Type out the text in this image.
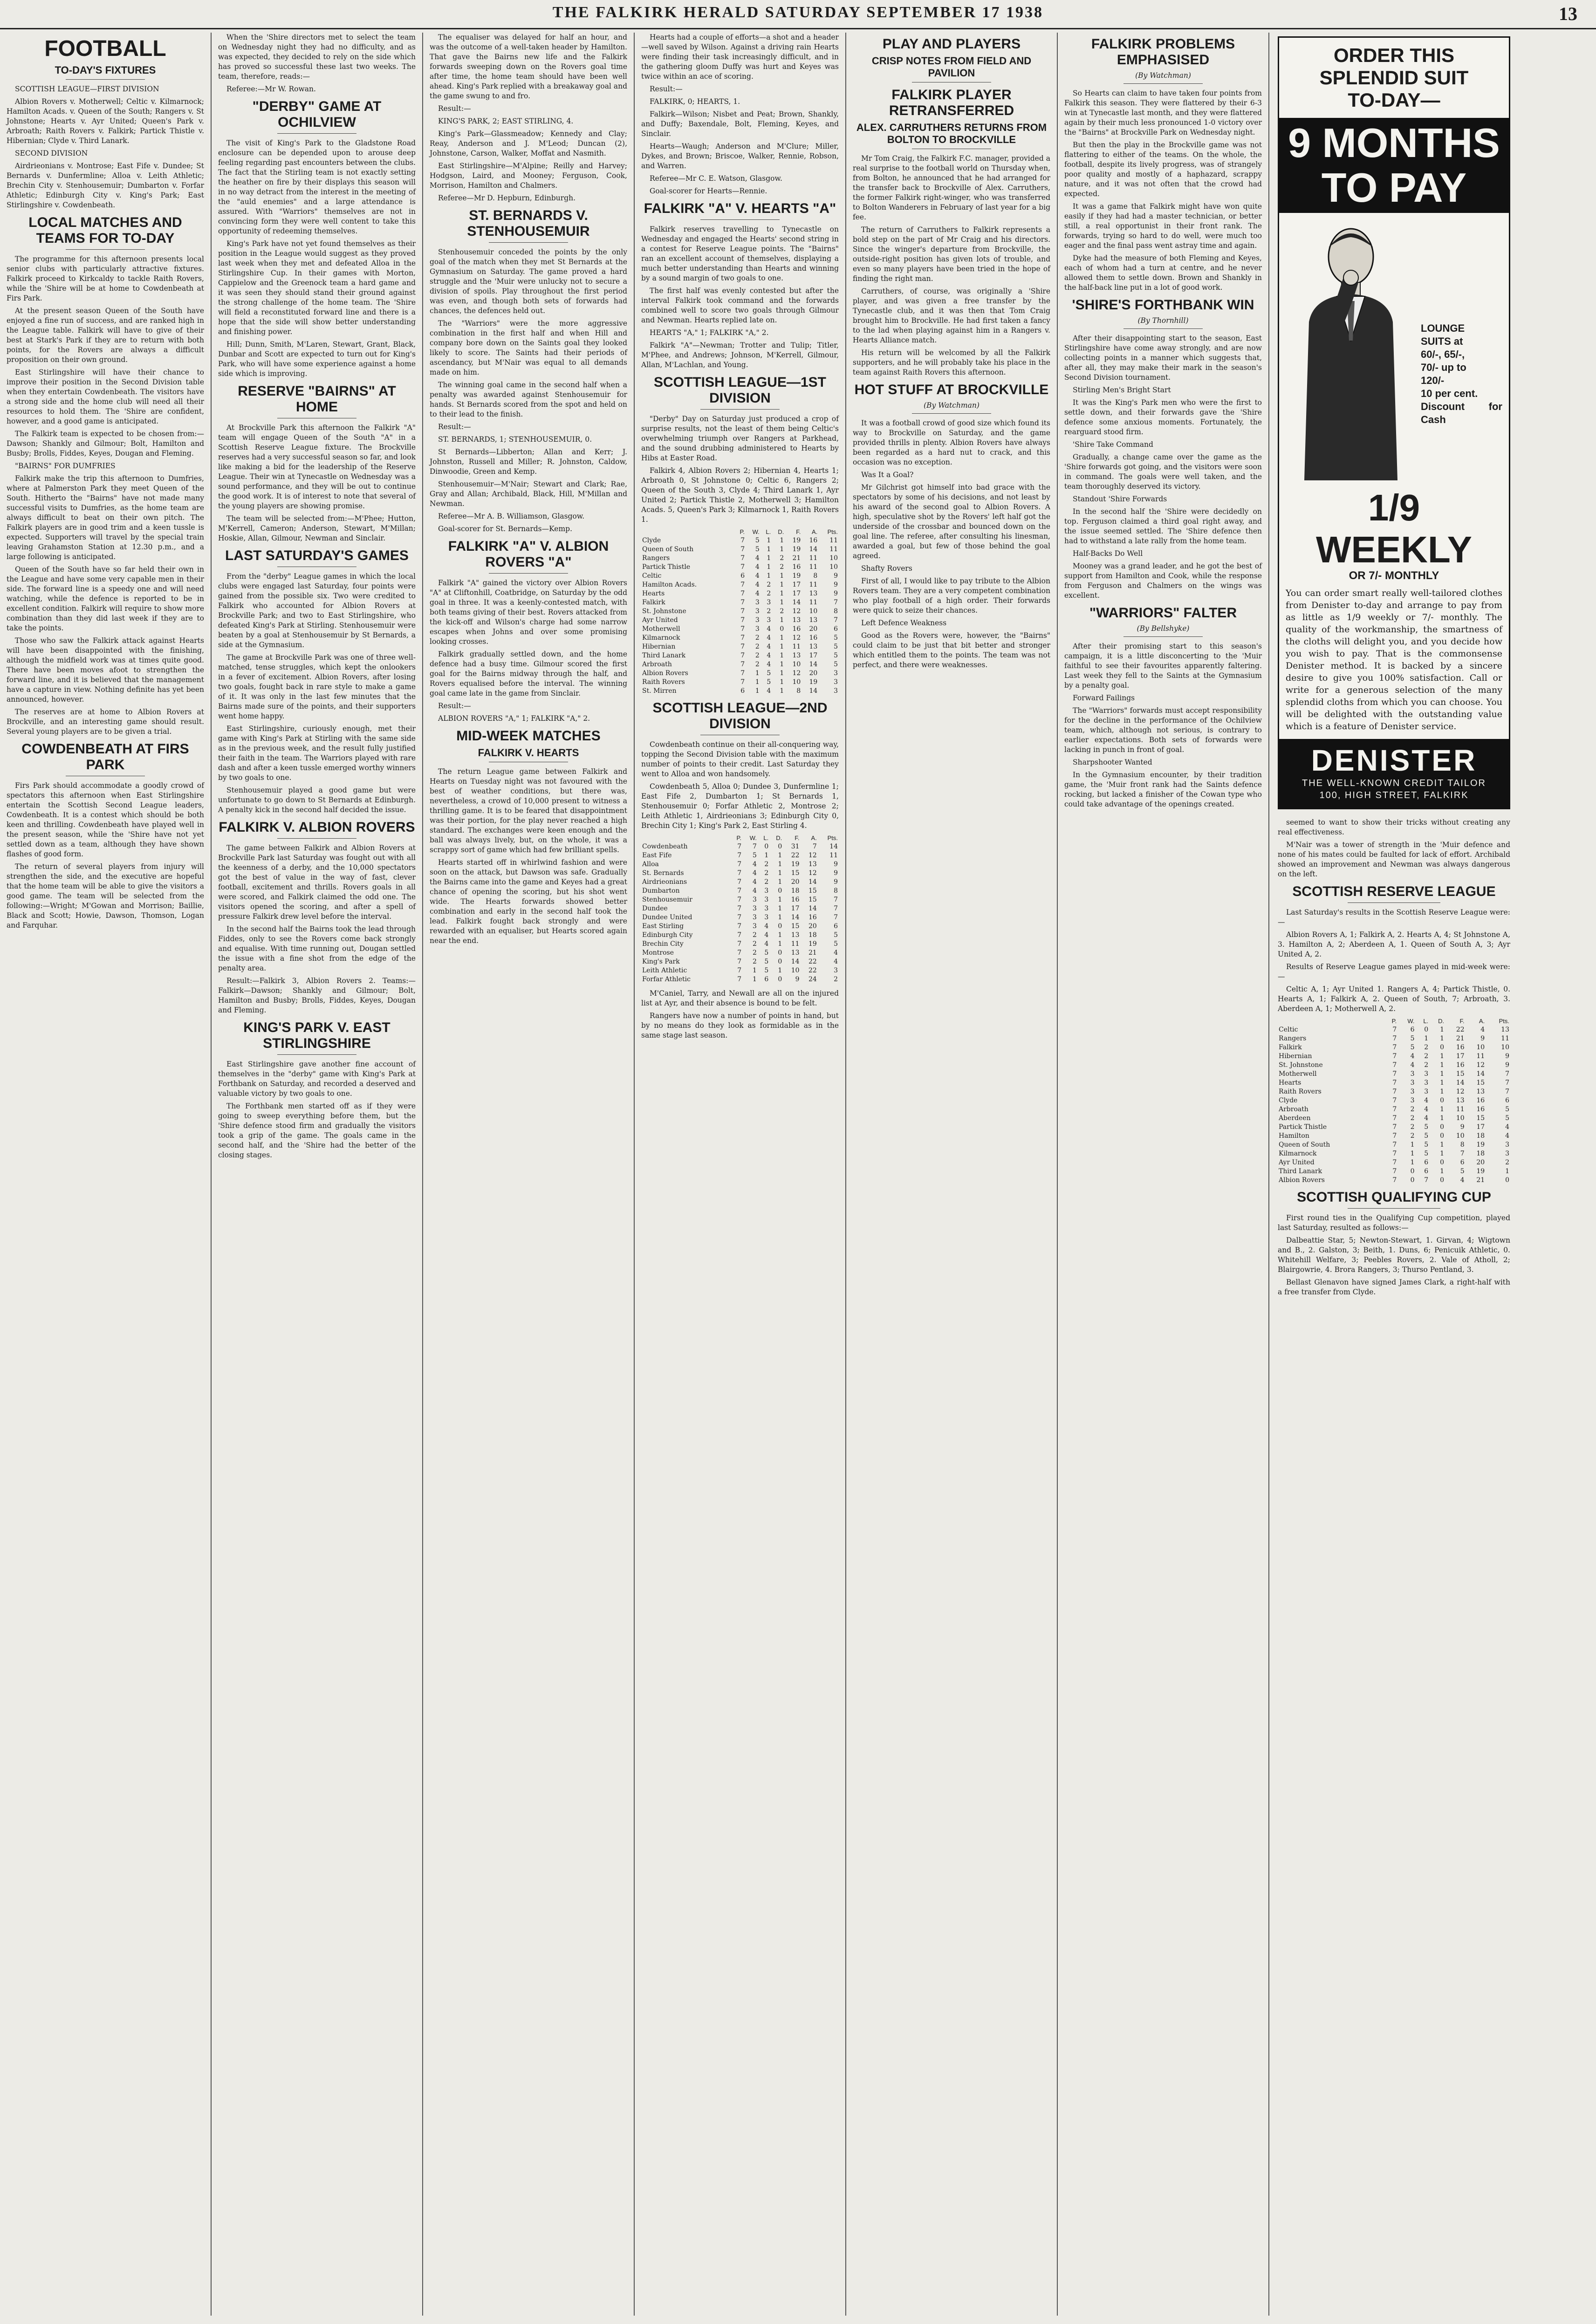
THE FALKIRK HERALD SATURDAY SEPTEMBER 17 1938	13
FOOTBALL
TO-DAY'S FIXTURES

SCOTTISH LEAGUE—FIRST DIVISION

Albion Rovers v. Motherwell; Celtic v. Kilmarnock; Hamilton Acads. v. Queen of the South; Rangers v. St Johnstone; Hearts v. Ayr United; Queen's Park v. Arbroath; Raith Rovers v. Falkirk; Partick Thistle v. Hibernian; Clyde v. Third Lanark.

SECOND DIVISION

Airdrieonians v. Montrose; East Fife v. Dundee; St Bernards v. Dunfermline; Alloa v. Leith Athletic; Brechin City v. Stenhousemuir; Dumbarton v. Forfar Athletic; Edinburgh City v. King's Park; East Stirlingshire v. Cowdenbeath.

LOCAL MATCHES AND TEAMS FOR TO-DAY

The programme for this afternoon presents local senior clubs with particularly attractive fixtures. Falkirk proceed to Kirkcaldy to tackle Raith Rovers, while the 'Shire will be at home to Cowdenbeath at Firs Park.

At the present season Queen of the South have enjoyed a fine run of success, and are ranked high in the League table. Falkirk will have to give of their best at Stark's Park if they are to return with both points, for the Rovers are always a difficult proposition on their own ground.

East Stirlingshire will have their chance to improve their position in the Second Division table when they entertain Cowdenbeath. The visitors have a strong side and the home club will need all their resources to hold them. The 'Shire are confident, however, and a good game is anticipated.

The Falkirk team is expected to be chosen from:—Dawson; Shankly and Gilmour; Bolt, Hamilton and Busby; Brolls, Fiddes, Keyes, Dougan and Fleming.

"BAIRNS" FOR DUMFRIES

Falkirk make the trip this afternoon to Dumfries, where at Palmerston Park they meet Queen of the South. Hitherto the "Bairns" have not made many successful visits to Dumfries, as the home team are always difficult to beat on their own pitch. The Falkirk players are in good trim and a keen tussle is expected. Supporters will travel by the special train leaving Grahamston Station at 12.30 p.m., and a large following is anticipated.

Queen of the South have so far held their own in the League and have some very capable men in their side. The forward line is a speedy one and will need watching, while the defence is reported to be in excellent condition. Falkirk will require to show more combination than they did last week if they are to take the points.

Those who saw the Falkirk attack against Hearts will have been disappointed with the finishing, although the midfield work was at times quite good. There have been moves afoot to strengthen the forward line, and it is believed that the management have a capture in view. Nothing definite has yet been announced, however.

The reserves are at home to Albion Rovers at Brockville, and an interesting game should result. Several young players are to be given a trial.

COWDENBEATH AT FIRS PARK

Firs Park should accommodate a goodly crowd of spectators this afternoon when East Stirlingshire entertain the Scottish Second League leaders, Cowdenbeath. It is a contest which should be both keen and thrilling. Cowdenbeath have played well in the present season, while the 'Shire have not yet settled down as a team, although they have shown flashes of good form.

The return of several players from injury will strengthen the side, and the executive are hopeful that the home team will be able to give the visitors a good game. The team will be selected from the following:—Wright; M'Gowan and Morrison; Baillie, Black and Scott; Howie, Dawson, Thomson, Logan and Farquhar.

When the 'Shire directors met to select the team on Wednesday night they had no difficulty, and as was expected, they decided to rely on the side which has proved so successful these last two weeks. The team, therefore, reads:—

Referee:—Mr W. Rowan.

"DERBY" GAME AT OCHILVIEW

The visit of King's Park to the Gladstone Road enclosure can be depended upon to arouse deep feeling regarding past encounters between the clubs. The fact that the Stirling team is not exactly setting the heather on fire by their displays this season will in no way detract from the interest in the meeting of the "auld enemies" and a large attendance is assured. With "Warriors" themselves are not in convincing form they were well content to take this opportunity of redeeming themselves.

King's Park have not yet found themselves as their position in the League would suggest as they proved last week when they met and defeated Alloa in the Stirlingshire Cup. In their games with Morton, Cappielow and the Greenock team a hard game and it was seen they should stand their ground against the strong challenge of the home team. The 'Shire will field a reconstituted forward line and there is a hope that the side will show better understanding and finishing power.

Hill; Dunn, Smith, M'Laren, Stewart, Grant, Black, Dunbar and Scott are expected to turn out for King's Park, who will have some experience against a home side which is improving.

RESERVE "BAIRNS" AT HOME

At Brockville Park this afternoon the Falkirk "A" team will engage Queen of the South "A" in a Scottish Reserve League fixture. The Brockville reserves had a very successful season so far, and look like making a bid for the leadership of the Reserve League. Their win at Tynecastle on Wednesday was a sound performance, and they will be out to continue the good work. It is of interest to note that several of the young players are showing promise.

The team will be selected from:—M'Phee; Hutton, M'Kerrell, Cameron; Anderson, Stewart, M'Millan; Hoskie, Allan, Gilmour, Newman and Sinclair.

LAST SATURDAY'S GAMES

From the "derby" League games in which the local clubs were engaged last Saturday, four points were gained from the possible six. Two were credited to Falkirk who accounted for Albion Rovers at Brockville Park; and two to East Stirlingshire, who defeated King's Park at Stirling. Stenhousemuir were beaten by a goal at Stenhousemuir by St Bernards, a side at the Gymnasium.

The game at Brockville Park was one of three well-matched, tense struggles, which kept the onlookers in a fever of excitement. Albion Rovers, after losing two goals, fought back in rare style to make a game of it. It was only in the last few minutes that the Bairns made sure of the points, and their supporters went home happy.

East Stirlingshire, curiously enough, met their game with King's Park at Stirling with the same side as in the previous week, and the result fully justified their faith in the team. The Warriors played with rare dash and after a keen tussle emerged worthy winners by two goals to one.

Stenhousemuir played a good game but were unfortunate to go down to St Bernards at Edinburgh. A penalty kick in the second half decided the issue.

FALKIRK V. ALBION ROVERS

The game between Falkirk and Albion Rovers at Brockville Park last Saturday was fought out with all the keenness of a derby, and the 10,000 spectators got the best of value in the way of fast, clever football, excitement and thrills. Rovers goals in all were scored, and Falkirk claimed the odd one. The visitors opened the scoring, and after a spell of pressure Falkirk drew level before the interval.

In the second half the Bairns took the lead through Fiddes, only to see the Rovers come back strongly and equalise. With time running out, Dougan settled the issue with a fine shot from the edge of the penalty area.

Result:—Falkirk 3, Albion Rovers 2. Teams:—Falkirk—Dawson; Shankly and Gilmour; Bolt, Hamilton and Busby; Brolls, Fiddes, Keyes, Dougan and Fleming.

KING'S PARK V. EAST STIRLINGSHIRE

East Stirlingshire gave another fine account of themselves in the "derby" game with King's Park at Forthbank on Saturday, and recorded a deserved and valuable victory by two goals to one.

The Forthbank men started off as if they were going to sweep everything before them, but the 'Shire defence stood firm and gradually the visitors took a grip of the game. The goals came in the second half, and the 'Shire had the better of the closing stages.

The equaliser was delayed for half an hour, and was the outcome of a well-taken header by Hamilton. That gave the Bairns new life and the Falkirk forwards sweeping down on the Rovers goal time after time, the home team should have been well ahead. King's Park replied with a breakaway goal and the game swung to and fro.

Result:—

KING'S PARK, 2; EAST STIRLING, 4.

King's Park—Glassmeadow; Kennedy and Clay; Reay, Anderson and J. M'Leod; Duncan (2), Johnstone, Carson, Walker, Moffat and Nasmith.

East Stirlingshire—M'Alpine; Reilly and Harvey; Hodgson, Laird, and Mooney; Ferguson, Cook, Morrison, Hamilton and Chalmers.

Referee—Mr D. Hepburn, Edinburgh.

ST. BERNARDS V. STENHOUSEMUIR

Stenhousemuir conceded the points by the only goal of the match when they met St Bernards at the Gymnasium on Saturday. The game proved a hard struggle and the 'Muir were unlucky not to secure a division of spoils. Play throughout the first period was even, and though both sets of forwards had chances, the defences held out.

The "Warriors" were the more aggressive combination in the first half and when Hill and company bore down on the Saints goal they looked likely to score. The Saints had their periods of ascendancy, but M'Nair was equal to all demands made on him.

The winning goal came in the second half when a penalty was awarded against Stenhousemuir for hands. St Bernards scored from the spot and held on to their lead to the finish.

Result:—

ST. BERNARDS, 1; STENHOUSEMUIR, 0.

St Bernards—Libberton; Allan and Kerr; J. Johnston, Russell and Miller; R. Johnston, Caldow, Dinwoodie, Green and Kemp.

Stenhousemuir—M'Nair; Stewart and Clark; Rae, Gray and Allan; Archibald, Black, Hill, M'Millan and Newman.

Referee—Mr A. B. Williamson, Glasgow.

Goal-scorer for St. Bernards—Kemp.

FALKIRK "A" V. ALBION ROVERS "A"

Falkirk "A" gained the victory over Albion Rovers "A" at Cliftonhill, Coatbridge, on Saturday by the odd goal in three. It was a keenly-contested match, with both teams giving of their best. Rovers attacked from the kick-off and Wilson's charge had some narrow escapes when Johns and over some promising looking crosses.

Falkirk gradually settled down, and the home defence had a busy time. Gilmour scored the first goal for the Bairns midway through the half, and Rovers equalised before the interval. The winning goal came late in the game from Sinclair.

Result:—

ALBION ROVERS "A," 1; FALKIRK "A," 2.

MID-WEEK MATCHES
FALKIRK V. HEARTS

The return League game between Falkirk and Hearts on Tuesday night was not favoured with the best of weather conditions, but there was, nevertheless, a crowd of 10,000 present to witness a thrilling game. It is to be feared that disappointment was their portion, for the play never reached a high standard. The exchanges were keen enough and the ball was always lively, but, on the whole, it was a scrappy sort of game which had few brilliant spells.

Hearts started off in whirlwind fashion and were soon on the attack, but Dawson was safe. Gradually the Bairns came into the game and Keyes had a great chance of opening the scoring, but his shot went wide. The Hearts forwards showed better combination and early in the second half took the lead. Falkirk fought back strongly and were rewarded with an equaliser, but Hearts scored again near the end.

Hearts had a couple of efforts—a shot and a header—well saved by Wilson. Against a driving rain Hearts were finding their task increasingly difficult, and in the gathering gloom Duffy was hurt and Keyes was twice within an ace of scoring.

Result:—

FALKIRK, 0; HEARTS, 1.

Falkirk—Wilson; Nisbet and Peat; Brown, Shankly, and Duffy; Baxendale, Bolt, Fleming, Keyes, and Sinclair.

Hearts—Waugh; Anderson and M'Clure; Miller, Dykes, and Brown; Briscoe, Walker, Rennie, Robson, and Warren.

Referee—Mr C. E. Watson, Glasgow.

Goal-scorer for Hearts—Rennie.

FALKIRK "A" V. HEARTS "A"

Falkirk reserves travelling to Tynecastle on Wednesday and engaged the Hearts' second string in a contest for Reserve League points. The "Bairns" ran an excellent account of themselves, displaying a much better understanding than Hearts and winning by a sound margin of two goals to one.

The first half was evenly contested but after the interval Falkirk took command and the forwards combined well to score two goals through Gilmour and Newman. Hearts replied late on.

HEARTS "A," 1; FALKIRK "A," 2.

Falkirk "A"—Newman; Trotter and Tulip; Titler, M'Phee, and Andrews; Johnson, M'Kerrell, Gilmour, Allan, M'Lachlan, and Young.

SCOTTISH LEAGUE—1ST DIVISION

"Derby" Day on Saturday just produced a crop of surprise results, not the least of them being Celtic's overwhelming triumph over Rangers at Parkhead, and the sound drubbing administered to Hearts by Hibs at Easter Road.

Falkirk 4, Albion Rovers 2; Hibernian 4, Hearts 1; Arbroath 0, St Johnstone 0; Celtic 6, Rangers 2; Queen of the South 3, Clyde 4; Third Lanark 1, Ayr United 2; Partick Thistle 2, Motherwell 3; Hamilton Acads. 5, Queen's Park 3; Kilmarnock 1, Raith Rovers 1.

	P.	W.	L.	D.	F.	A.	Pts.
Clyde	7	5	1	1	19	16	11
Queen of South	7	5	1	1	19	14	11
Rangers	7	4	1	2	21	11	10
Partick Thistle	7	4	1	2	16	11	10
Celtic	6	4	1	1	19	8	9
Hamilton Acads.	7	4	2	1	17	11	9
Hearts	7	4	2	1	17	13	9
Falkirk	7	3	3	1	14	11	7
St. Johnstone	7	3	2	2	12	10	8
Ayr United	7	3	3	1	13	13	7
Motherwell	7	3	4	0	16	20	6
Kilmarnock	7	2	4	1	12	16	5
Hibernian	7	2	4	1	11	13	5
Third Lanark	7	2	4	1	13	17	5
Arbroath	7	2	4	1	10	14	5
Albion Rovers	7	1	5	1	12	20	3
Raith Rovers	7	1	5	1	10	19	3
St. Mirren	6	1	4	1	8	14	3
SCOTTISH LEAGUE—2ND DIVISION

Cowdenbeath continue on their all-conquering way, topping the Second Division table with the maximum number of points to their credit. Last Saturday they went to Alloa and won handsomely.

Cowdenbeath 5, Alloa 0; Dundee 3, Dunfermline 1; East Fife 2, Dumbarton 1; St Bernards 1, Stenhousemuir 0; Forfar Athletic 2, Montrose 2; Leith Athletic 1, Airdrieonians 3; Edinburgh City 0, Brechin City 1; King's Park 2, East Stirling 4.

	P.	W.	L.	D.	F.	A.	Pts.
Cowdenbeath	7	7	0	0	31	7	14
East Fife	7	5	1	1	22	12	11
Alloa	7	4	2	1	19	13	9
St. Bernards	7	4	2	1	15	12	9
Airdrieonians	7	4	2	1	20	14	9
Dumbarton	7	4	3	0	18	15	8
Stenhousemuir	7	3	3	1	16	15	7
Dundee	7	3	3	1	17	14	7
Dundee United	7	3	3	1	14	16	7
East Stirling	7	3	4	0	15	20	6
Edinburgh City	7	2	4	1	13	18	5
Brechin City	7	2	4	1	11	19	5
Montrose	7	2	5	0	13	21	4
King's Park	7	2	5	0	14	22	4
Leith Athletic	7	1	5	1	10	22	3
Forfar Athletic	7	1	6	0	9	24	2

M'Caniel, Tarry, and Newall are all on the injured list at Ayr, and their absence is bound to be felt.

Rangers have now a number of points in hand, but by no means do they look as formidable as in the same stage last season.

PLAY AND PLAYERS
CRISP NOTES FROM FIELD AND PAVILION
FALKIRK PLAYER RETRANSFERRED
ALEX. CARRUTHERS RETURNS FROM BOLTON TO BROCKVILLE

Mr Tom Craig, the Falkirk F.C. manager, provided a real surprise to the football world on Thursday when, from Bolton, he announced that he had arranged for the transfer back to Brockville of Alex. Carruthers, the former Falkirk right-winger, who was transferred to Bolton Wanderers in February of last year for a big fee.

The return of Carruthers to Falkirk represents a bold step on the part of Mr Craig and his directors. Since the winger's departure from Brockville, the outside-right position has given lots of trouble, and even so many players have been tried in the hope of finding the right man.

Carruthers, of course, was originally a 'Shire player, and was given a free transfer by the Tynecastle club, and it was then that Tom Craig brought him to Brockville. He had first taken a fancy to the lad when playing against him in a Rangers v. Hearts Alliance match.

His return will be welcomed by all the Falkirk supporters, and he will probably take his place in the team against Raith Rovers this afternoon.

HOT STUFF AT BROCKVILLE
(By Watchman)

It was a football crowd of good size which found its way to Brockville on Saturday, and the game provided thrills in plenty. Albion Rovers have always been regarded as a hard nut to crack, and this occasion was no exception.

Was It a Goal?

Mr Gilchrist got himself into bad grace with the spectators by some of his decisions, and not least by his award of the second goal to Albion Rovers. A high, speculative shot by the Rovers' left half got the underside of the crossbar and bounced down on the goal line. The referee, after consulting his linesman, awarded a goal, but few of those behind the goal agreed.

Shafty Rovers

First of all, I would like to pay tribute to the Albion Rovers team. They are a very competent combination who play football of a high order. Their forwards were quick to seize their chances.

Left Defence Weakness

Good as the Rovers were, however, the "Bairns" could claim to be just that bit better and stronger which entitled them to the points. The team was not perfect, and there were weaknesses.

FALKIRK PROBLEMS EMPHASISED
(By Watchman)

So Hearts can claim to have taken four points from Falkirk this season. They were flattered by their 6-3 win at Tynecastle last month, and they were flattered again by their much less pronounced 1-0 victory over the "Bairns" at Brockville Park on Wednesday night.

But then the play in the Brockville game was not flattering to either of the teams. On the whole, the football, despite its lively progress, was of strangely poor quality and mostly of a haphazard, scrappy nature, and it was not often that the crowd had expected.

It was a game that Falkirk might have won quite easily if they had had a master technician, or better still, a real opportunist in their front rank. The forwards, trying so hard to do well, were much too eager and the final pass went astray time and again.

Dyke had the measure of both Fleming and Keyes, each of whom had a turn at centre, and he never allowed them to settle down. Brown and Shankly in the half-back line put in a lot of good work.

'SHIRE'S FORTHBANK WIN
(By Thornhill)

After their disappointing start to the season, East Stirlingshire have come away strongly, and are now collecting points in a manner which suggests that, after all, they may make their mark in the season's Second Division tournament.

Stirling Men's Bright Start

It was the King's Park men who were the first to settle down, and their forwards gave the 'Shire defence some anxious moments. Fortunately, the rearguard stood firm.

'Shire Take Command

Gradually, a change came over the game as the 'Shire forwards got going, and the visitors were soon in command. The goals were well taken, and the team thoroughly deserved its victory.

Standout 'Shire Forwards

In the second half the 'Shire were decidedly on top. Ferguson claimed a third goal right away, and the issue seemed settled. The 'Shire defence then had to withstand a late rally from the home team.

Half-Backs Do Well

Mooney was a grand leader, and he got the best of support from Hamilton and Cook, while the response from Ferguson and Chalmers on the wings was excellent.

"WARRIORS" FALTER
(By Bellshyke)

After their promising start to this season's campaign, it is a little disconcerting to the 'Muir faithful to see their favourites apparently faltering. Last week they fell to the Saints at the Gymnasium by a penalty goal.

Forward Failings

The "Warriors" forwards must accept responsibility for the decline in the performance of the Ochilview team, which, although not serious, is contrary to earlier expectations. Both sets of forwards were lacking in punch in front of goal.

Sharpshooter Wanted

In the Gymnasium encounter, by their tradition game, the 'Muir front rank had the Saints defence rocking, but lacked a finisher of the Cowan type who could take advantage of the openings created.

ORDER THIS
SPLENDID SUIT
TO-DAY—
9 MONTHS TO PAY
LOUNGE
SUITS at
60/-, 65/-,
70/- up to
120/-
10 per cent.
Discount for Cash
1/9 WEEKLY
OR 7/- MONTHLY
You can order smart really well-tailored clothes from Denister to-day and arrange to pay from as little as 1/9 weekly or 7/- monthly. The quality of the workmanship, the smartness of the cloths will delight you, and you decide how you wish to pay. That is the commonsense Denister method. It is backed by a sincere desire to give you 100% satisfaction. Call or write for a generous selection of the many splendid cloths from which you can choose. You will be delighted with the outstanding value which is a feature of Denister service.
DENISTER
THE WELL-KNOWN CREDIT TAILOR
100, HIGH STREET, FALKIRK

seemed to want to show their tricks without creating any real effectiveness.

M'Nair was a tower of strength in the 'Muir defence and none of his mates could be faulted for lack of effort. Archibald showed an improvement and Newman was always dangerous on the left.

SCOTTISH RESERVE LEAGUE

Last Saturday's results in the Scottish Reserve League were:—

Albion Rovers A, 1; Falkirk A, 2. Hearts A, 4; St Johnstone A, 3. Hamilton A, 2; Aberdeen A, 1. Queen of South A, 3; Ayr United A, 2.

Results of Reserve League games played in mid-week were:—

Celtic A, 1; Ayr United 1. Rangers A, 4; Partick Thistle, 0. Hearts A, 1; Falkirk A, 2. Queen of South, 7; Arbroath, 3. Aberdeen A, 1; Motherwell A, 2.

	P.	W.	L.	D.	F.	A.	Pts.
Celtic	7	6	0	1	22	4	13
Rangers	7	5	1	1	21	9	11
Falkirk	7	5	2	0	16	10	10
Hibernian	7	4	2	1	17	11	9
St. Johnstone	7	4	2	1	16	12	9
Motherwell	7	3	3	1	15	14	7
Hearts	7	3	3	1	14	15	7
Raith Rovers	7	3	3	1	12	13	7
Clyde	7	3	4	0	13	16	6
Arbroath	7	2	4	1	11	16	5
Aberdeen	7	2	4	1	10	15	5
Partick Thistle	7	2	5	0	9	17	4
Hamilton	7	2	5	0	10	18	4
Queen of South	7	1	5	1	8	19	3
Kilmarnock	7	1	5	1	7	18	3
Ayr United	7	1	6	0	6	20	2
Third Lanark	7	0	6	1	5	19	1
Albion Rovers	7	0	7	0	4	21	0
SCOTTISH QUALIFYING CUP

First round ties in the Qualifying Cup competition, played last Saturday, resulted as follows:—

Dalbeattie Star, 5; Newton-Stewart, 1. Girvan, 4; Wigtown and B., 2. Galston, 3; Beith, 1. Duns, 6; Penicuik Athletic, 0. Whitehill Welfare, 3; Peebles Rovers, 2. Vale of Atholl, 2; Blairgowrie, 4. Brora Rangers, 3; Thurso Pentland, 3.

Bellast Glenavon have signed James Clark, a right-half with a free transfer from Clyde.
